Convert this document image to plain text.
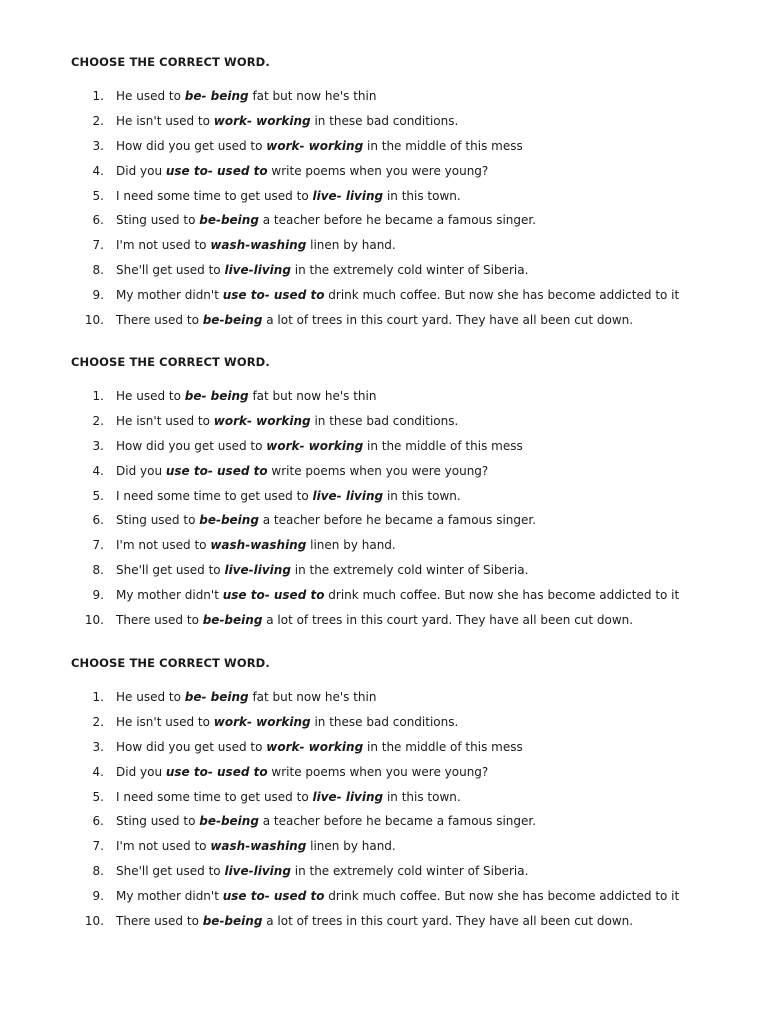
CHOOSE THE CORRECT WORD.
1. He used to be- being fat but now he's thin
2. He isn't used to work- working in these bad conditions.
3. How did you get used to work- working in the middle of this mess
4. Did you use to- used to write poems when you were young?
5. I need some time to get used to live- living in this town.
6. Sting used to be-being a teacher before he became a famous singer.
7. I'm not used to wash-washing linen by hand.
8. She'll get used to live-living in the extremely cold winter of Siberia.
9. My mother didn't use to- used to drink much coffee. But now she has become addicted to it
10. There used to be-being a lot of trees in this court yard. They have all been cut down.
CHOOSE THE CORRECT WORD.
1. He used to be- being fat but now he's thin
2. He isn't used to work- working in these bad conditions.
3. How did you get used to work- working in the middle of this mess
4. Did you use to- used to write poems when you were young?
5. I need some time to get used to live- living in this town.
6. Sting used to be-being a teacher before he became a famous singer.
7. I'm not used to wash-washing linen by hand.
8. She'll get used to live-living in the extremely cold winter of Siberia.
9. My mother didn't use to- used to drink much coffee. But now she has become addicted to it
10. There used to be-being a lot of trees in this court yard. They have all been cut down.
CHOOSE THE CORRECT WORD.
1. He used to be- being fat but now he's thin
2. He isn't used to work- working in these bad conditions.
3. How did you get used to work- working in the middle of this mess
4. Did you use to- used to write poems when you were young?
5. I need some time to get used to live- living in this town.
6. Sting used to be-being a teacher before he became a famous singer.
7. I'm not used to wash-washing linen by hand.
8. She'll get used to live-living in the extremely cold winter of Siberia.
9. My mother didn't use to- used to drink much coffee. But now she has become addicted to it
10. There used to be-being a lot of trees in this court yard. They have all been cut down.
